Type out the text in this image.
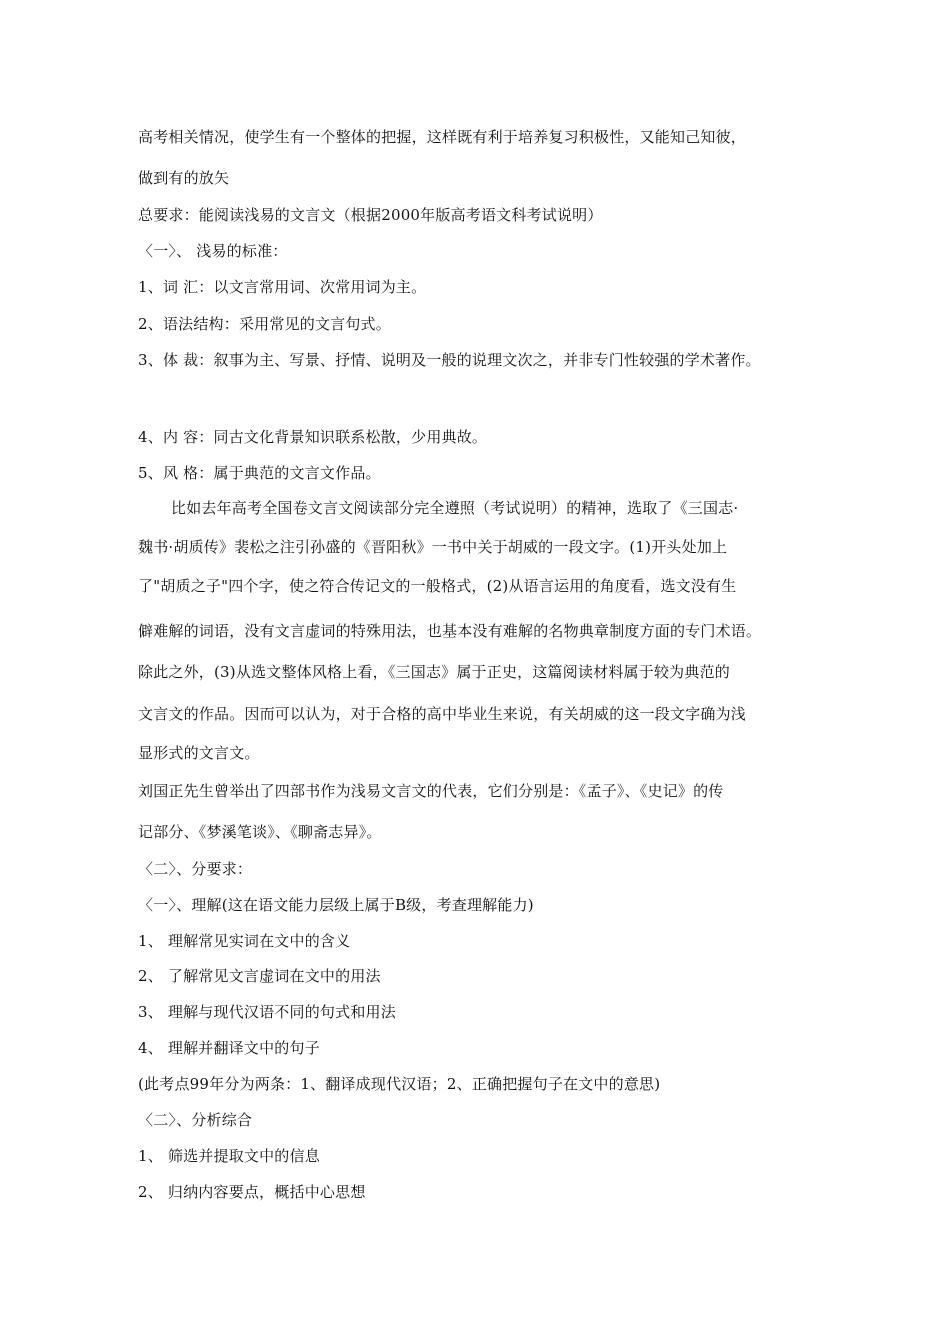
高考相关情况，使学生有一个整体的把握，这样既有利于培养复习积极性，又能知己知彼，
做到有的放矢
总要求：能阅读浅易的文言文（根据2000年版高考语文科考试说明）
〈一〉、 浅易的标准：
1、词 汇：以文言常用词、次常用词为主。
2、语法结构：采用常见的文言句式。
3、体 裁：叙事为主、写景、抒情、说明及一般的说理文次之，并非专门性较强的学术著作。
4、内 容：同古文化背景知识联系松散，少用典故。
5、风 格：属于典范的文言文作品。
比如去年高考全国卷文言文阅读部分完全遵照（考试说明）的精神，选取了《三国志·
魏书·胡质传》裴松之注引孙盛的《晋阳秋》一书中关于胡威的一段文字。(1)开头处加上
了"胡质之子"四个字，使之符合传记文的一般格式，(2)从语言运用的角度看，选文没有生
僻难解的词语，没有文言虚词的特殊用法，也基本没有难解的名物典章制度方面的专门术语。
除此之外，(3)从选文整体风格上看，《三国志》属于正史，这篇阅读材料属于较为典范的
文言文的作品。因而可以认为，对于合格的高中毕业生来说，有关胡威的这一段文字确为浅
显形式的文言文。
刘国正先生曾举出了四部书作为浅易文言文的代表，它们分别是：《孟子》、《史记》的传
记部分、《梦溪笔谈》、《聊斋志异》。
〈二〉、分要求：
〈一〉、理解(这在语文能力层级上属于B级，考查理解能力)
1、 理解常见实词在文中的含义
2、 了解常见文言虚词在文中的用法
3、 理解与现代汉语不同的句式和用法
4、 理解并翻译文中的句子
(此考点99年分为两条：1、翻译成现代汉语；2、正确把握句子在文中的意思)
〈二〉、分析综合
1、 筛选并提取文中的信息
2、 归纳内容要点，概括中心思想
